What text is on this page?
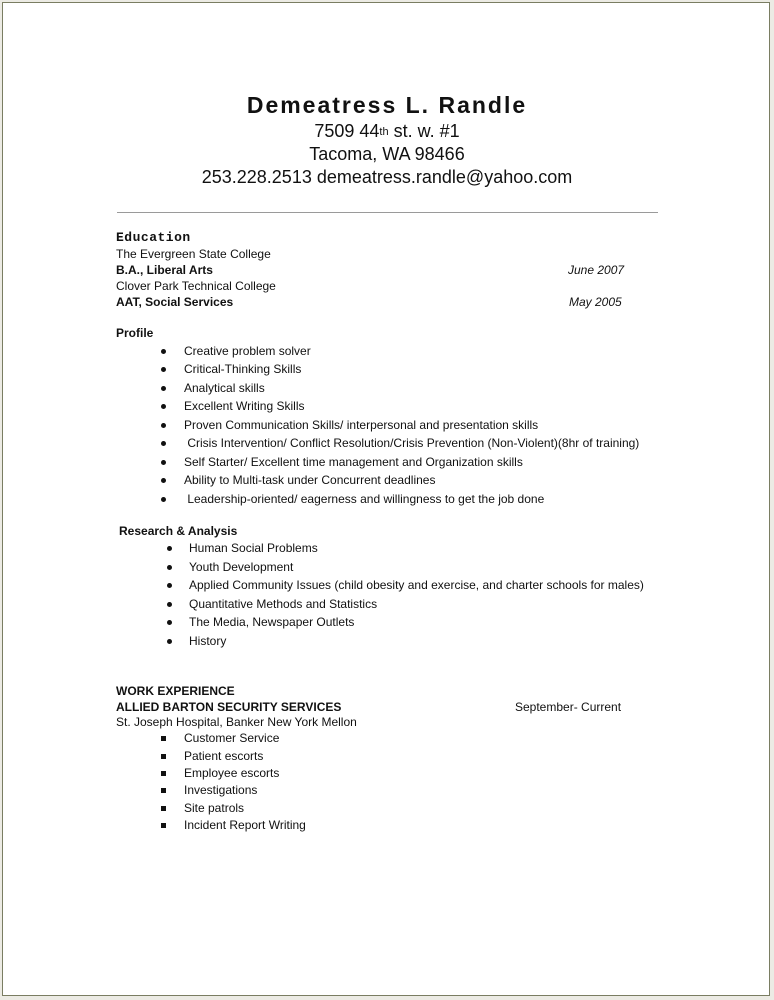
Demeatress L. Randle
7509 44th st. w. #1
Tacoma, WA 98466
253.228.2513 demeatress.randle@yahoo.com
Education
The Evergreen State College
B.A., Liberal Arts	June 2007
Clover Park Technical College
AAT, Social Services	May 2005
Profile
Creative problem solver
Critical-Thinking Skills
Analytical skills
Excellent Writing Skills
Proven Communication Skills/ interpersonal and presentation skills
Crisis Intervention/ Conflict Resolution/Crisis Prevention (Non-Violent)(8hr of training)
Self Starter/ Excellent time management and Organization skills
Ability to Multi-task under Concurrent deadlines
Leadership-oriented/ eagerness and willingness to get the job done
Research & Analysis
Human Social Problems
Youth Development
Applied Community Issues (child obesity and exercise, and charter schools for males)
Quantitative Methods and Statistics
The Media, Newspaper Outlets
History
WORK EXPERIENCE
ALLIED BARTON SECURITY SERVICES	September- Current
St. Joseph Hospital, Banker New York Mellon
Customer Service
Patient escorts
Employee escorts
Investigations
Site patrols
Incident Report Writing
